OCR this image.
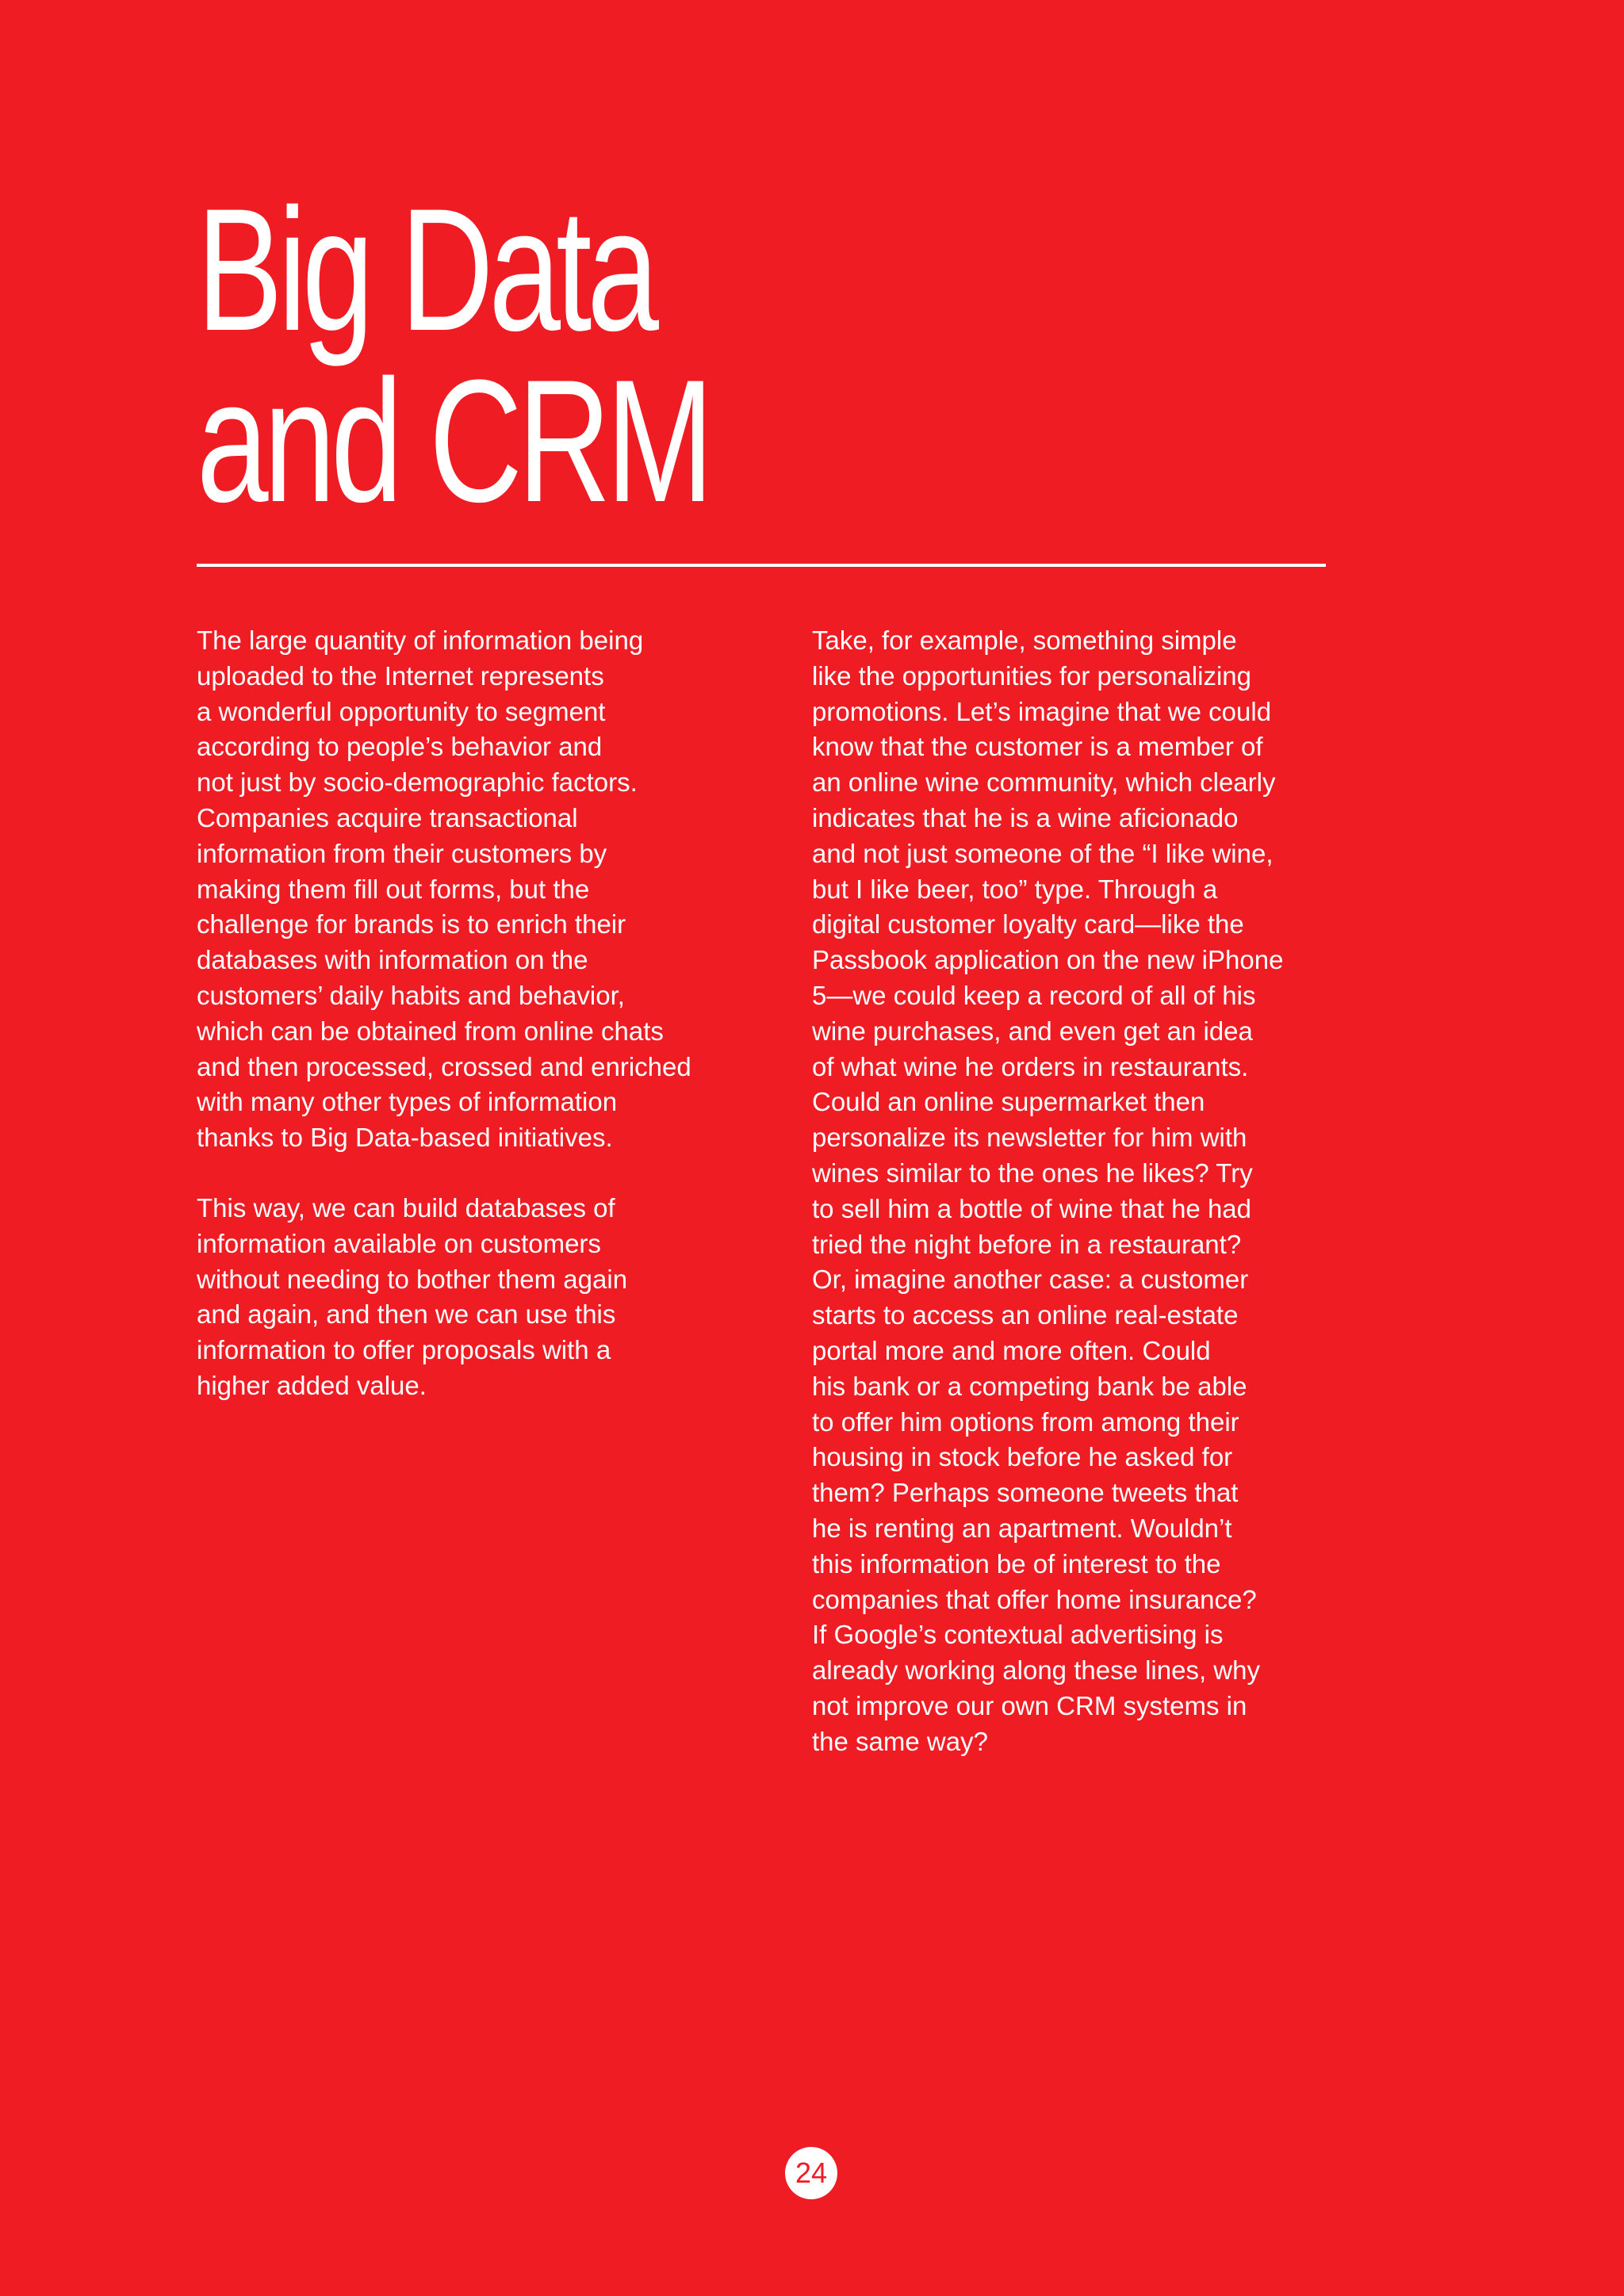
Big Data
and CRM

The large quantity of information being
uploaded to the Internet represents
a wonderful opportunity to segment
according to people’s behavior and
not just by socio-demographic factors.
Companies acquire transactional
information from their customers by
making them fill out forms, but the
challenge for brands is to enrich their
databases with information on the
customers’ daily habits and behavior,
which can be obtained from online chats
and then processed, crossed and enriched
with many other types of information
thanks to Big Data-based initiatives.

This way, we can build databases of
information available on customers
without needing to bother them again
and again, and then we can use this
information to offer proposals with a
higher added value.

Take, for example, something simple
like the opportunities for personalizing
promotions. Let’s imagine that we could
know that the customer is a member of
an online wine community, which clearly
indicates that he is a wine aficionado
and not just someone of the “I like wine,
but I like beer, too” type. Through a
digital customer loyalty card—like the
Passbook application on the new iPhone
5—we could keep a record of all of his
wine purchases, and even get an idea
of what wine he orders in restaurants.
Could an online supermarket then
personalize its newsletter for him with
wines similar to the ones he likes? Try
to sell him a bottle of wine that he had
tried the night before in a restaurant?
Or, imagine another case: a customer
starts to access an online real-estate
portal more and more often. Could
his bank or a competing bank be able
to offer him options from among their
housing in stock before he asked for
them? Perhaps someone tweets that
he is renting an apartment. Wouldn’t
this information be of interest to the
companies that offer home insurance?
If Google’s contextual advertising is
already working along these lines, why
not improve our own CRM systems in
the same way?

24
